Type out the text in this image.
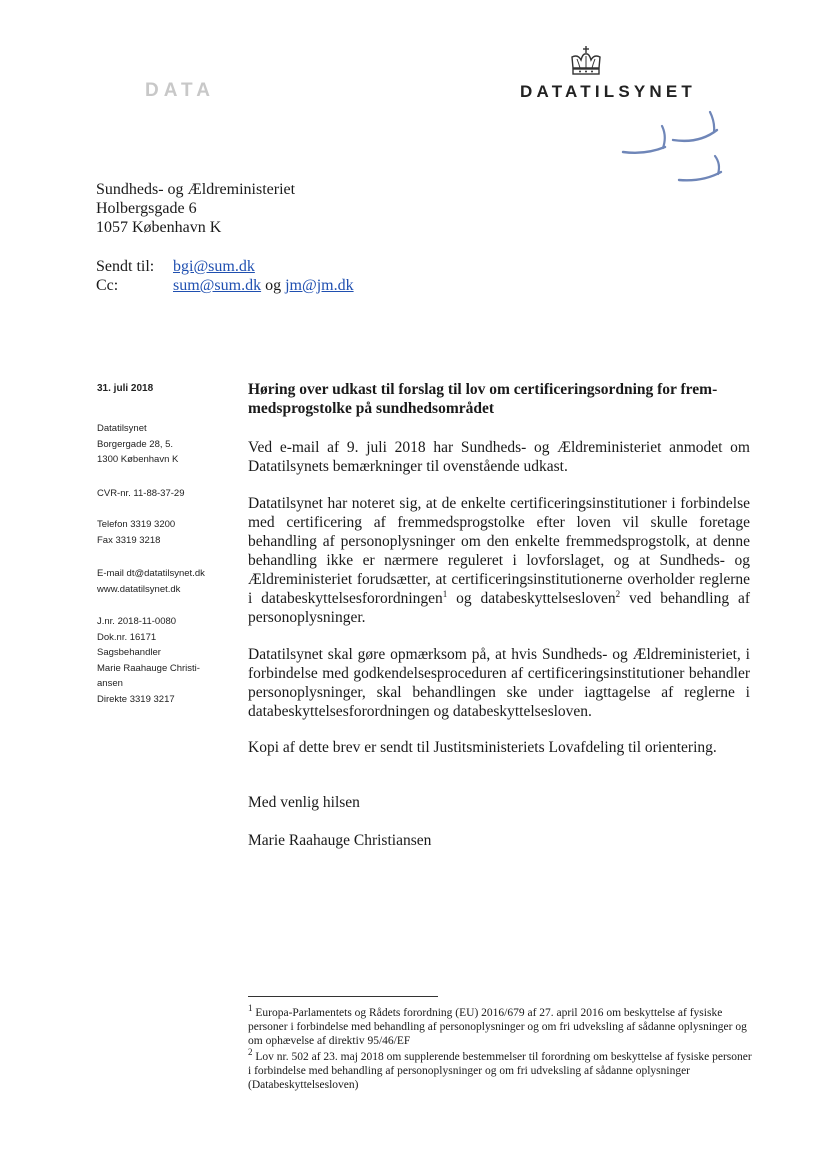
DATA	DATATILSYNET
Sundheds- og Ældreministeriet
Holbergsgade 6
1057 København K
Sendt til: bgi@sum.dk
Cc:	sum@sum.dk og jm@jm.dk
31. juli 2018
Datatilsynet
Borgergade 28, 5.
1300 København K
CVR-nr. 11-88-37-29
Telefon 3319 3200
Fax 3319 3218
E-mail dt@datatilsynet.dk
www.datatilsynet.dk
J.nr. 2018-11-0080
Dok.nr. 16171
Sagsbehandler
Marie Raahauge Christi-
ansen
Direkte 3319 3217
Høring over udkast til forslag til lov om certificeringsordning for frem-
medsprogstolke på sundhedsområdet

Ved e-mail af 9. juli 2018 har Sundheds- og Ældreministeriet anmodet om Datatilsynets bemærkninger til ovenstående udkast.

Datatilsynet har noteret sig, at de enkelte certificeringsinstitutioner i forbindelse med certificering af fremmedsprogstolke efter loven vil skulle foretage behandling af personoplysninger om den enkelte fremmedsprogstolk, at denne behandling ikke er nærmere reguleret i lovforslaget, og at Sundheds- og Ældreministeriet forudsætter, at certificeringsinstitutionerne overholder reglerne i databeskyttelsesforordningen$^1$ og databeskyttelsesloven$^2$ ved behandling af personoplysninger.

Datatilsynet skal gøre opmærksom på, at hvis Sundheds- og Ældreministeriet, i forbindelse med godkendelsesproceduren af certificeringsinstitutioner behandler personoplysninger, skal behandlingen ske under iagttagelse af reglerne i databeskyttelsesforordningen og databeskyttelsesloven.

Kopi af dette brev er sendt til Justitsministeriets Lovafdeling til orientering.

Med venlig hilsen
Marie Raahauge Christiansen

$^1$ Europa-Parlamentets og Rådets forordning (EU) 2016/679 af 27. april 2016 om beskyttelse af fysiske personer i forbindelse med behandling af personoplysninger og om fri udveksling af sådanne oplysninger og om ophævelse af direktiv 95/46/EF

$^2$ Lov nr. 502 af 23. maj 2018 om supplerende bestemmelser til forordning om beskyttelse af fysiske personer i forbindelse med behandling af personoplysninger og om fri udveksling af sådanne oplysninger (Databeskyttelsesloven)
